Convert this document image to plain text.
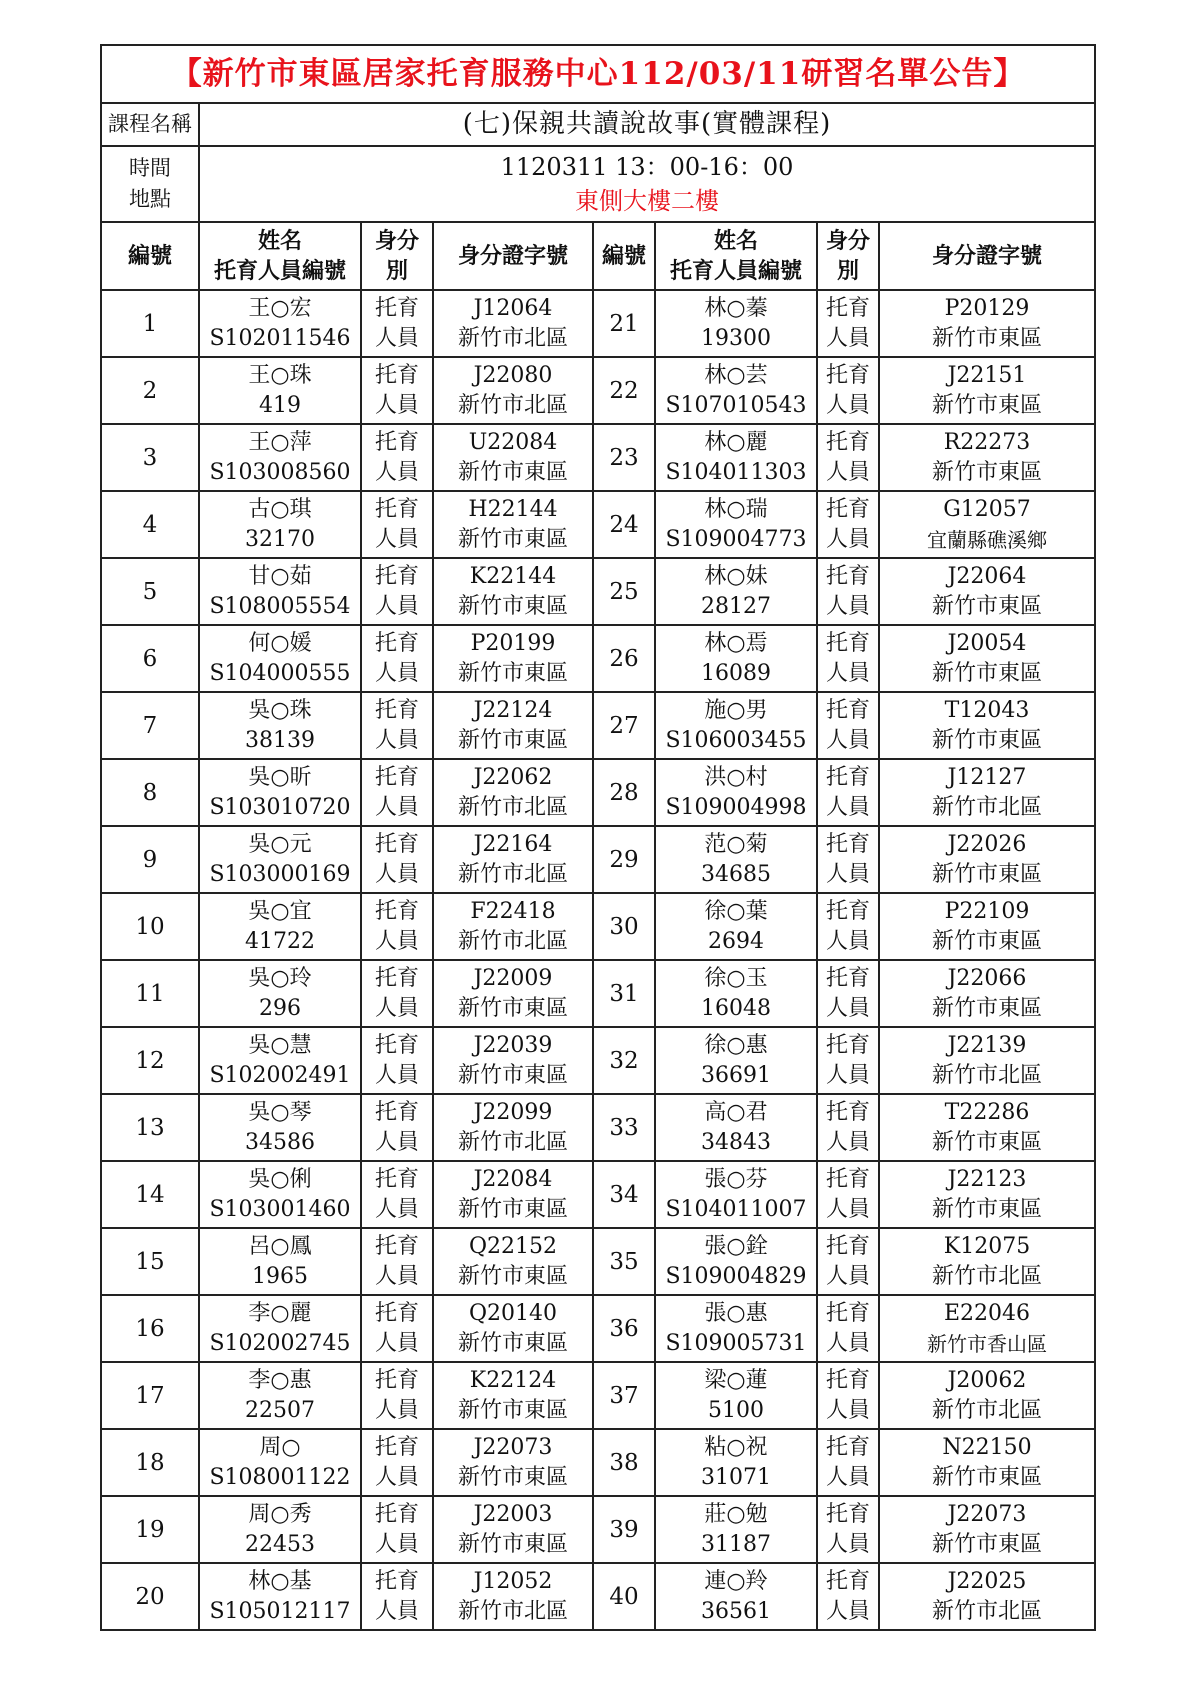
【新竹市東區居家托育服務中心112/03/11研習名單公告】							
課程名稱	(七)保親共讀說故事(實體課程)						

時間
地點	1120311 13：00-16：00
東側大樓二樓						

編號	姓名
托育人員編號	身分
別	身分證字號	編號	姓名
托育人員編號	身分
別	身分證字號
1	王○宏
S102011546	托育
人員	J12064
新竹市北區	21	林○蓁
19300	托育
人員	P20129
新竹市東區

2	王○珠
419	托育
人員	J22080
新竹市北區	22	林○芸
S107010543	托育
人員	J22151
新竹市東區

3	王○萍
S103008560	托育
人員	U22084
新竹市東區	23	林○麗
S104011303	托育
人員	R22273
新竹市東區

4	古○琪
32170	托育
人員	H22144
新竹市東區	24	林○瑞
S109004773	托育
人員	G12057
宜蘭縣礁溪鄉

5	甘○茹
S108005554	托育
人員	K22144
新竹市東區	25	林○妹
28127	托育
人員	J22064
新竹市東區

6	何○媛
S104000555	托育
人員	P20199
新竹市東區	26	林○焉
16089	托育
人員	J20054
新竹市東區

7	吳○珠
38139	托育
人員	J22124
新竹市東區	27	施○男
S106003455	托育
人員	T12043
新竹市東區

8	吳○昕
S103010720	托育
人員	J22062
新竹市北區	28	洪○村
S109004998	托育
人員	J12127
新竹市北區

9	吳○元
S103000169	托育
人員	J22164
新竹市北區	29	范○菊
34685	托育
人員	J22026
新竹市東區

10	吳○宜
41722	托育
人員	F22418
新竹市北區	30	徐○葉
2694	托育
人員	P22109
新竹市東區

11	吳○玲
296	托育
人員	J22009
新竹市東區	31	徐○玉
16048	托育
人員	J22066
新竹市東區

12	吳○慧
S102002491	托育
人員	J22039
新竹市東區	32	徐○惠
36691	托育
人員	J22139
新竹市北區

13	吳○琴
34586	托育
人員	J22099
新竹市北區	33	高○君
34843	托育
人員	T22286
新竹市東區

14	吳○俐
S103001460	托育
人員	J22084
新竹市東區	34	張○芬
S104011007	托育
人員	J22123
新竹市東區

15	呂○鳳
1965	托育
人員	Q22152
新竹市東區	35	張○銓
S109004829	托育
人員	K12075
新竹市北區

16	李○麗
S102002745	托育
人員	Q20140
新竹市東區	36	張○惠
S109005731	托育
人員	E22046
新竹市香山區

17	李○惠
22507	托育
人員	K22124
新竹市東區	37	梁○蓮
5100	托育
人員	J20062
新竹市北區

18	周○
S108001122	托育
人員	J22073
新竹市東區	38	粘○祝
31071	托育
人員	N22150
新竹市東區

19	周○秀
22453	托育
人員	J22003
新竹市東區	39	莊○勉
31187	托育
人員	J22073
新竹市東區

20	林○基
S105012117	托育
人員	J12052
新竹市北區	40	連○羚
36561	托育
人員	J22025
新竹市北區
